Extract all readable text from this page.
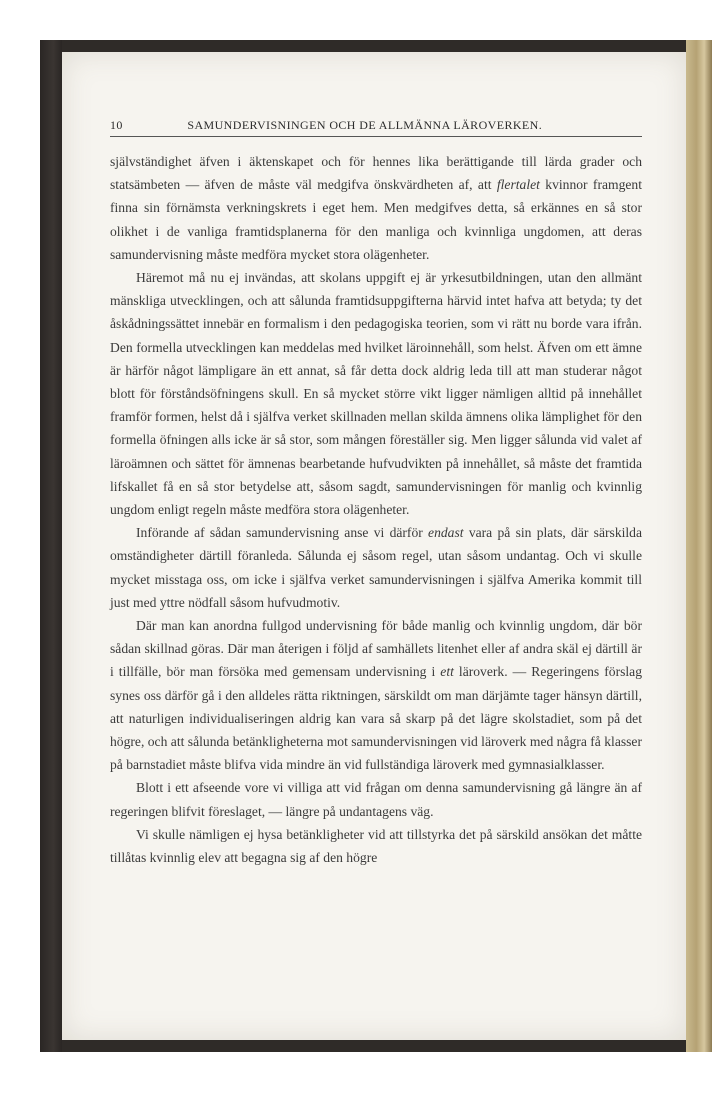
10	SAMUNDERVISNINGEN OCH DE ALLMÄNNA LÄROVERKEN.

självständighet äfven i äktenskapet och för hennes lika berättigande till lärda grader och statsämbeten — äfven de måste väl medgifva önskvärdheten af, att flertalet kvinnor framgent finna sin förnämsta verkningskrets i eget hem. Men medgifves detta, så erkännes en så stor olikhet i de vanliga framtidsplanerna för den manliga och kvinnliga ungdomen, att deras samundervisning måste medföra mycket stora olägenheter.

Häremot må nu ej invändas, att skolans uppgift ej är yrkesutbildningen, utan den allmänt mänskliga utvecklingen, och att sålunda framtidsuppgifterna härvid intet hafva att betyda; ty det åskådningssättet innebär en formalism i den pedagogiska teorien, som vi rätt nu borde vara ifrån. Den formella utvecklingen kan meddelas med hvilket läroinnehåll, som helst. Äfven om ett ämne är härför något lämpligare än ett annat, så får detta dock aldrig leda till att man studerar något blott för förståndsöfningens skull. En så mycket större vikt ligger nämligen alltid på innehållet framför formen, helst då i själfva verket skillnaden mellan skilda ämnens olika lämplighet för den formella öfningen alls icke är så stor, som mången föreställer sig. Men ligger sålunda vid valet af läroämnen och sättet för ämnenas bearbetande hufvudvikten på innehållet, så måste det framtida lifskallet få en så stor betydelse att, såsom sagdt, samundervisningen för manlig och kvinnlig ungdom enligt regeln måste medföra stora olägenheter.

Införande af sådan samundervisning anse vi därför endast vara på sin plats, där särskilda omständigheter därtill föranleda. Sålunda ej såsom regel, utan såsom undantag. Och vi skulle mycket misstaga oss, om icke i själfva verket samundervisningen i själfva Amerika kommit till just med yttre nödfall såsom hufvudmotiv.

Där man kan anordna fullgod undervisning för både manlig och kvinnlig ungdom, där bör sådan skillnad göras. Där man återigen i följd af samhällets litenhet eller af andra skäl ej därtill är i tillfälle, bör man försöka med gemensam undervisning i ett läroverk. — Regeringens förslag synes oss därför gå i den alldeles rätta riktningen, särskildt om man därjämte tager hänsyn därtill, att naturligen individualiseringen aldrig kan vara så skarp på det lägre skolstadiet, som på det högre, och att sålunda betänkligheterna mot samundervisningen vid läroverk med några få klasser på barnstadiet måste blifva vida mindre än vid fullständiga läroverk med gymnasialklasser.

Blott i ett afseende vore vi villiga att vid frågan om denna samundervisning gå längre än af regeringen blifvit föreslaget, — längre på undantagens väg.

Vi skulle nämligen ej hysa betänkligheter vid att tillstyrka det på särskild ansökan det måtte tillåtas kvinnlig elev att begagna sig af den högre
